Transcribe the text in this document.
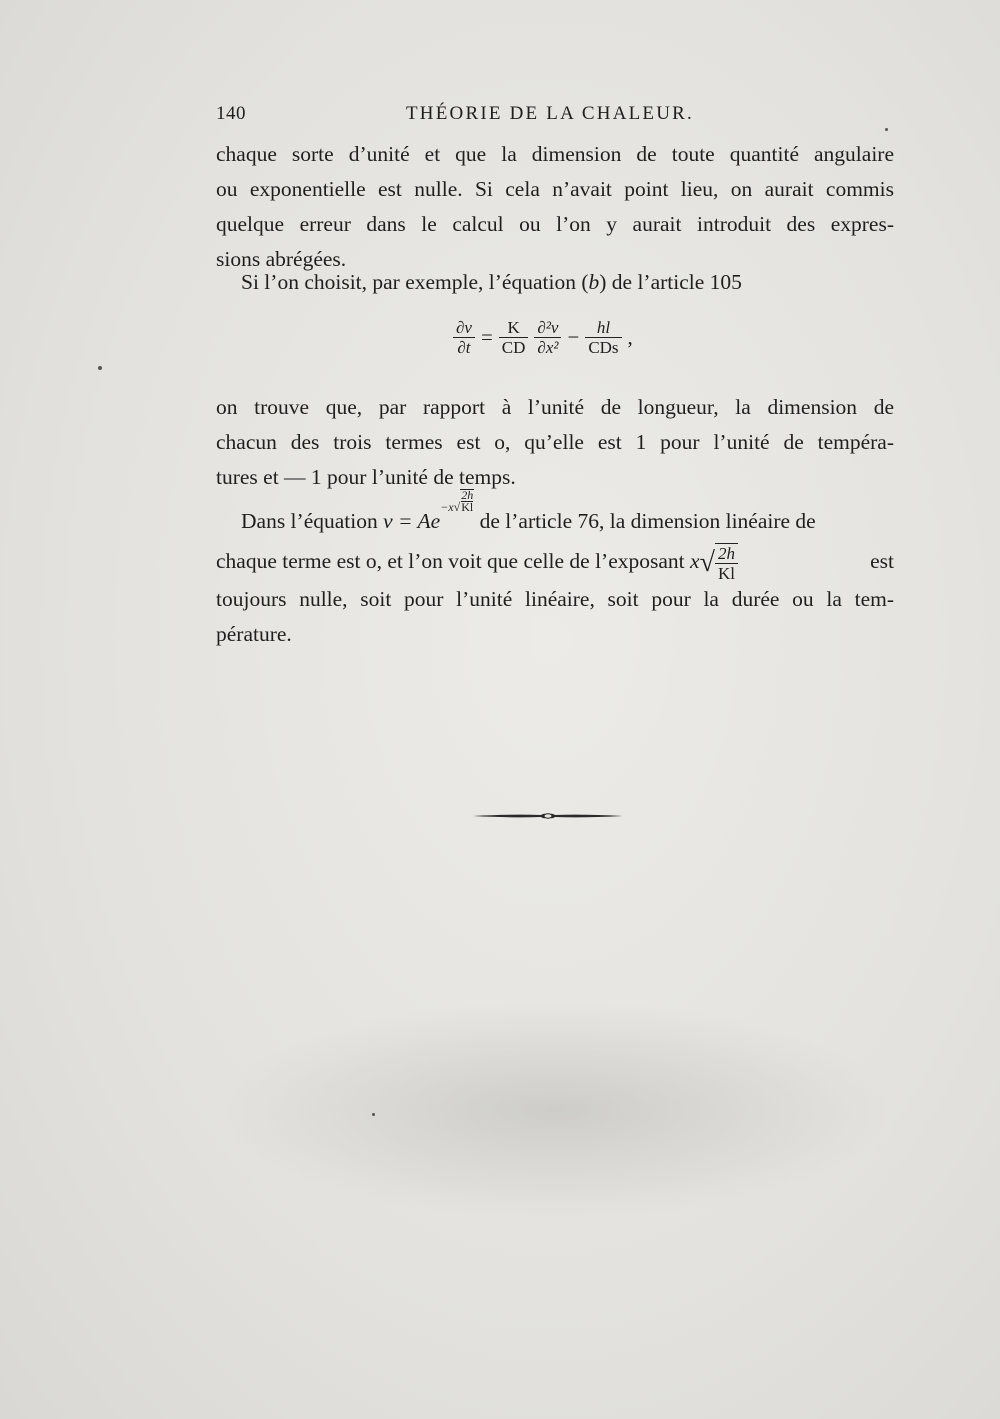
140	THÉORIE DE LA CHALEUR.
chaque sorte d’unité et que la dimension de toute quantité angulaire
ou exponentielle est nulle. Si cela n’avait point lieu, on aurait commis
quelque erreur dans le calcul ou l’on y aurait introduit des expres-
sions abrégées.
Si l’on choisit, par exemple, l’équation (b) de l’article 105
$\frac{\partial v}{\partial t} = \frac{K}{CD} \frac{\text{∂²v}}{\text{∂x²}} - \frac{hl}{\text{CDs}}$ ,
on trouve que, par rapport à l’unité de longueur, la dimension de
chacun des trois termes est o, qu’elle est 1 pour l’unité de tempéra-
tures et — 1 pour l’unité de temps.
Dans l’équation $v = Ae-x√ \frac{2h}{Kl}$
de l’article 76, la dimension linéaire de
chaque terme est o, et l’on voit que celle de l’exposant $x√ \frac{2h}{Kl}$	est
toujours nulle, soit pour l’unité linéaire, soit pour la durée ou la tem-
pérature.
